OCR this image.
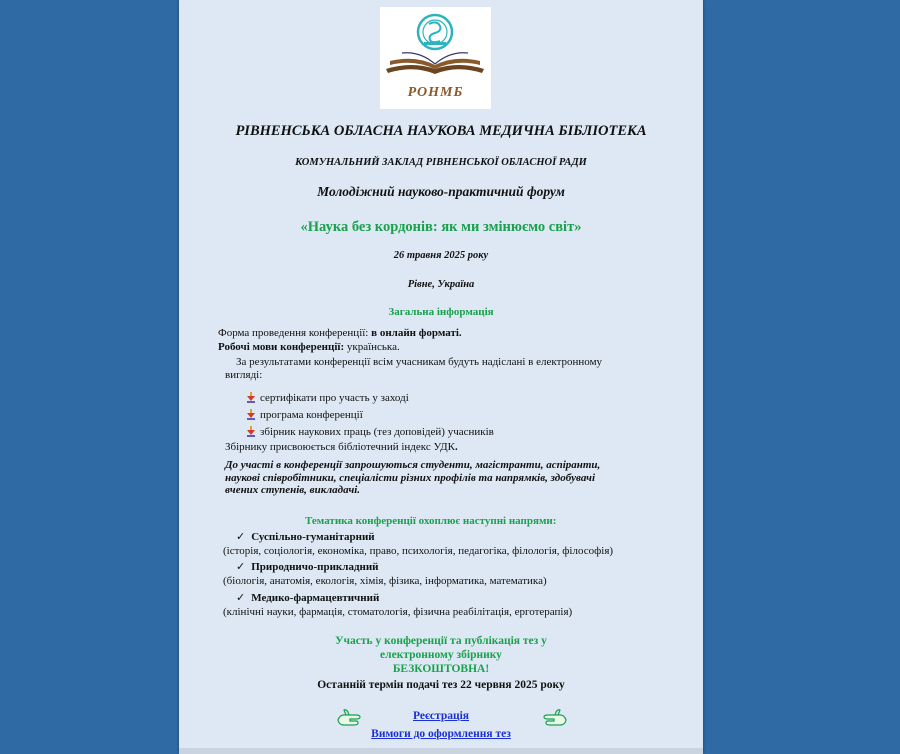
РОНМБ
РІВНЕНСЬКА ОБЛАСНА НАУКОВА МЕДИЧНА БІБЛІОТЕКА
КОМУНАЛЬНИЙ ЗАКЛАД РІВНЕНСЬКОЇ ОБЛАСНОЇ РАДИ
Молодіжний науково-практичний форум
«Наука без кордонів: як ми змінюємо світ»
26 травня 2025 року
Рівне, Україна
Загальна інформація
Форма проведення конференції: в онлайн форматі.
Робочі мови конференції: українська.
За результатами конференції всім учасникам будуть надіслані в електронному
вигляді:
сертифікати про участь у заході
програма конференції
збірник наукових праць (тез доповідей) учасників
Збірнику присвоюється бібліотечний індекс УДК.
До участі в конференції запрошуються студенти, магістранти, аспіранти,
наукові співробітники, спеціалісти різних профілів та напрямків, здобувачі
вчених ступенів, викладачі.
Тематика конференції охоплює наступні напрями:
✓ Суспільно-гуманітарний
(історія, соціологія, економіка, право, психологія, педагогіка, філологія, філософія)
✓ Природничо-прикладний
(біологія, анатомія, екологія, хімія, фізика, інформатика, математика)
✓ Медико-фармацевтичний
(клінічні науки, фармація, стоматологія, фізична реабілітація, ерготерапія)
Участь у конференції та публікація тез у
електронному збірнику
БЕЗКОШТОВНА!
Останній термін подачі тез 22 червня 2025 року
Реєстрація
Вимоги до оформлення тез
